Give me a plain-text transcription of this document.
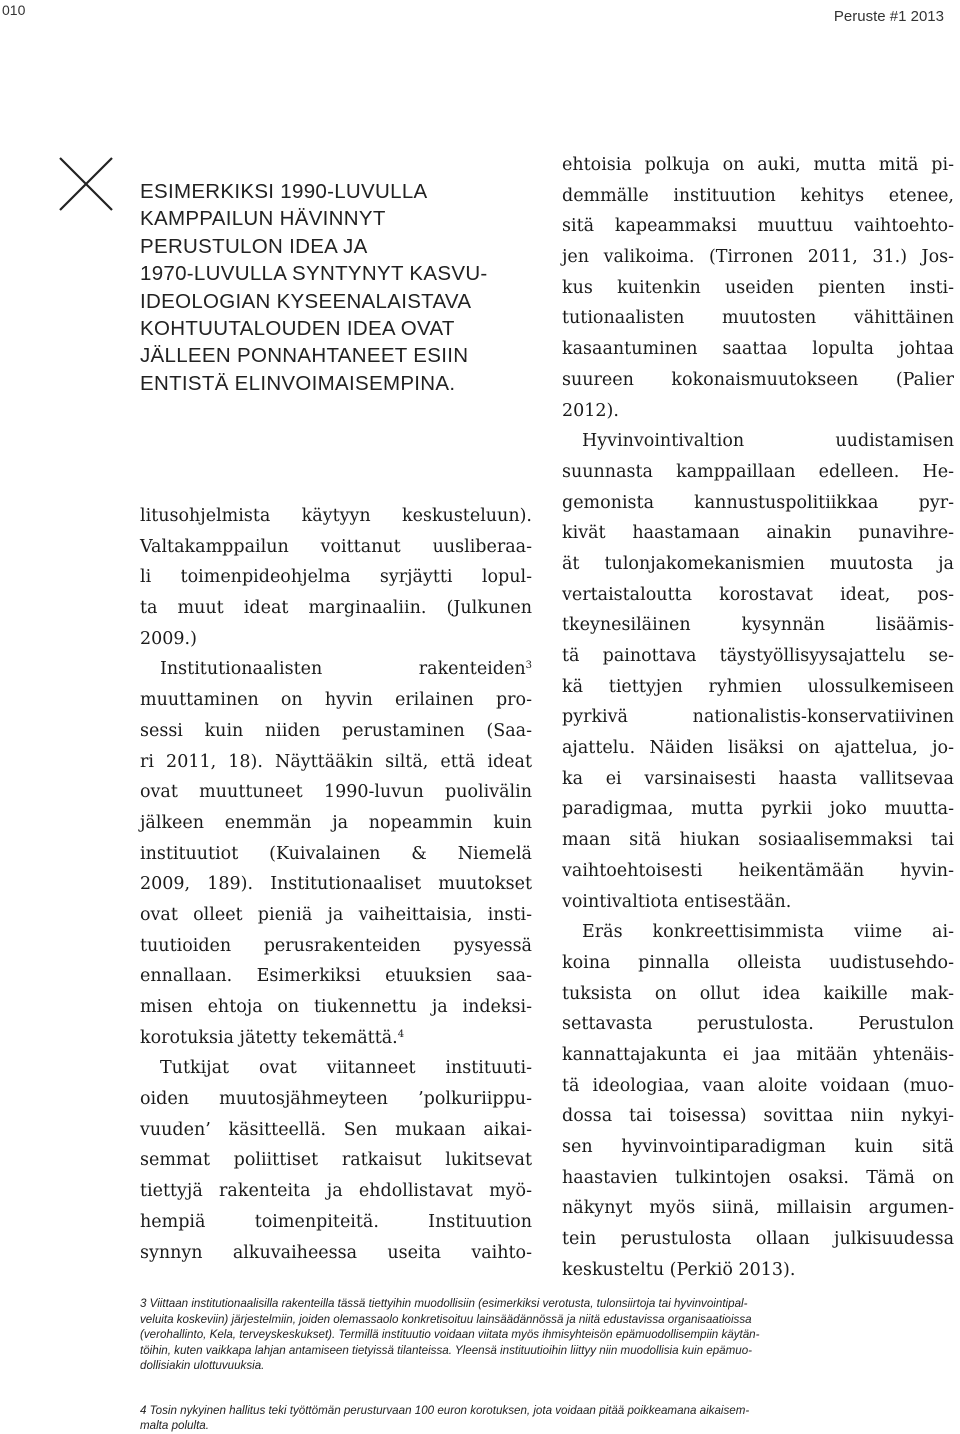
010	Peruste #1 2013
ESIMERKIKSI 1990-LUVULLA
KAMPPAILUN HÄVINNYT
PERUSTULON IDEA JA
1970-LUVULLA SYNTYNYT KASVU-
IDEOLOGIAN KYSEENALAISTAVA
KOHTUUTALOUDEN IDEA OVAT
JÄLLEEN PONNAHTANEET ESIIN
ENTISTÄ ELINVOIMAISEMPINA.
litusohjelmista käytyyn keskusteluun).
Valtakamppailun voittanut uusliberaa-
li toimenpideohjelma syrjäytti lopul-
ta muut ideat marginaaliin. (Julkunen
2009.)
Institutionaalisten rakenteiden$^3$
muuttaminen on hyvin erilainen pro-
sessi kuin niiden perustaminen (Saa-
ri 2011, 18). Näyttääkin siltä, että ideat
ovat muuttuneet 1990-luvun puolivälin
jälkeen enemmän ja nopeammin kuin
instituutiot (Kuivalainen & Niemelä
2009, 189). Institutionaaliset muutokset
ovat olleet pieniä ja vaiheittaisia, insti-
tuutioiden perusrakenteiden pysyessä
ennallaan. Esimerkiksi etuuksien saa-
misen ehtoja on tiukennettu ja indeksi-
korotuksia jätetty tekemättä.$^4$
Tutkijat ovat viitanneet instituuti-
oiden muutosjähmeyteen ’polkuriippu-
vuuden’ käsitteellä. Sen mukaan aikai-
semmat poliittiset ratkaisut lukitsevat
tiettyjä rakenteita ja ehdollistavat myö-
hempiä toimenpiteitä. Instituution
synnyn alkuvaiheessa useita vaihto-
ehtoisia polkuja on auki, mutta mitä pi-
demmälle instituution kehitys etenee,
sitä kapeammaksi muuttuu vaihtoehto-
jen valikoima. (Tirronen 2011, 31.) Jos-
kus kuitenkin useiden pienten insti-
tutionaalisten muutosten vähittäinen
kasaantuminen saattaa lopulta johtaa
suureen kokonaismuutokseen (Palier
2012).
Hyvinvointivaltion uudistamisen
suunnasta kamppaillaan edelleen. He-
gemonista kannustuspolitiikkaa pyr-
kivät haastamaan ainakin punavihre-
ät tulonjakomekanismien muutosta ja
vertaistaloutta korostavat ideat, pos-
tkeynesiläinen kysynnän lisäämis-
tä painottava täystyöllisyysajattelu se-
kä tiettyjen ryhmien ulossulkemiseen
pyrkivä nationalistis-konservatiivinen
ajattelu. Näiden lisäksi on ajattelua, jo-
ka ei varsinaisesti haasta vallitsevaa
paradigmaa, mutta pyrkii joko muutta-
maan sitä hiukan sosiaalisemmaksi tai
vaihtoehtoisesti heikentämään hyvin-
vointivaltiota entisestään.
Eräs konkreettisimmista viime ai-
koina pinnalla olleista uudistusehdo-
tuksista on ollut idea kaikille mak-
settavasta perustulosta. Perustulon
kannattajakunta ei jaa mitään yhtenäis-
tä ideologiaa, vaan aloite voidaan (muo-
dossa tai toisessa) sovittaa niin nykyi-
sen hyvinvointiparadigman kuin sitä
haastavien tulkintojen osaksi. Tämä on
näkynyt myös siinä, millaisin argumen-
tein perustulosta ollaan julkisuudessa
keskusteltu (Perkiö 2013).
3 Viittaan institutionaalisilla rakenteilla tässä tiettyihin muodollisiin (esimerkiksi verotusta, tulonsiirtoja tai hyvinvointipal-
veluita koskeviin) järjestelmiin, joiden olemassaolo konkretisoituu lainsäädännössä ja niitä edustavissa organisaatioissa
(verohallinto, Kela, terveyskeskukset). Termillä instituutio voidaan viitata myös ihmisyhteisön epämuodollisempiin käytän-
töihin, kuten vaikkapa lahjan antamiseen tietyissä tilanteissa. Yleensä instituutioihin liittyy niin muodollisia kuin epämuo-
dollisiakin ulottuvuuksia.
4 Tosin nykyinen hallitus teki työttömän perusturvaan 100 euron korotuksen, jota voidaan pitää poikkeamana aikaisem-
malta polulta.
